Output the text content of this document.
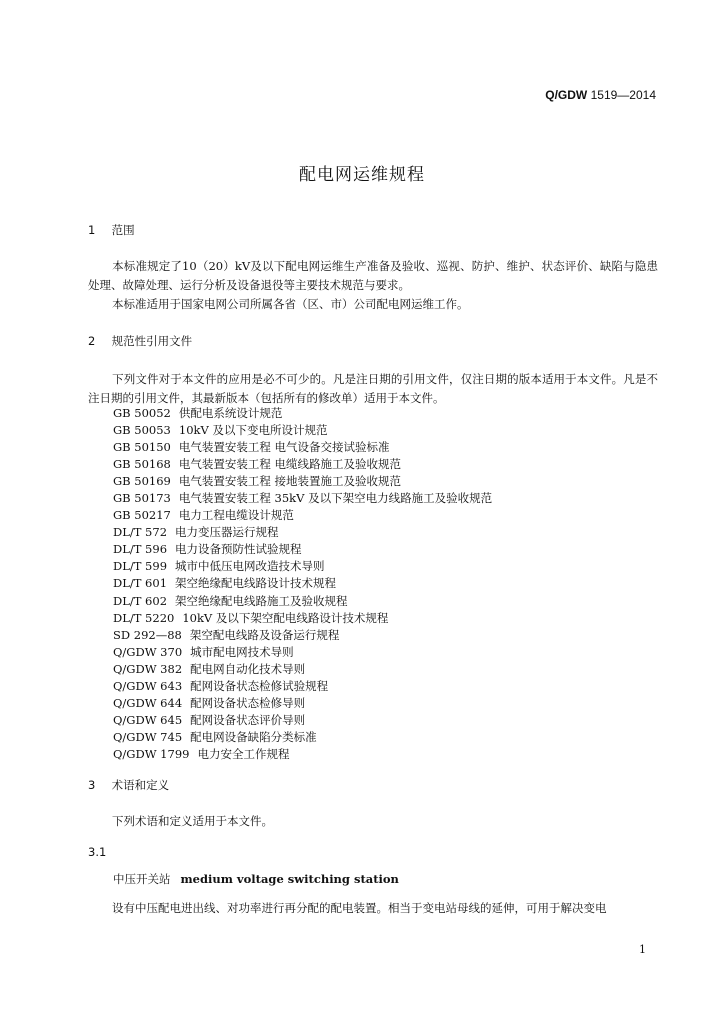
Q/GDW 1519—2014
配电网运维规程
1 范围
本标准规定了10（20）kV及以下配电网运维生产准备及验收、巡视、防护、维护、状态评价、缺陷与隐患处理、故障处理、运行分析及设备退役等主要技术规范与要求。
本标准适用于国家电网公司所属各省（区、市）公司配电网运维工作。
2 规范性引用文件
下列文件对于本文件的应用是必不可少的。凡是注日期的引用文件，仅注日期的版本适用于本文件。凡是不注日期的引用文件，其最新版本（包括所有的修改单）适用于本文件。
GB 50052 供配电系统设计规范
GB 50053 10kV 及以下变电所设计规范
GB 50150 电气装置安装工程 电气设备交接试验标准
GB 50168 电气装置安装工程 电缆线路施工及验收规范
GB 50169 电气装置安装工程 接地装置施工及验收规范
GB 50173 电气装置安装工程 35kV 及以下架空电力线路施工及验收规范
GB 50217 电力工程电缆设计规范
DL/T 572 电力变压器运行规程
DL/T 596 电力设备预防性试验规程
DL/T 599 城市中低压电网改造技术导则
DL/T 601 架空绝缘配电线路设计技术规程
DL/T 602 架空绝缘配电线路施工及验收规程
DL/T 5220 10kV 及以下架空配电线路设计技术规程
SD 292—88 架空配电线路及设备运行规程
Q/GDW 370 城市配电网技术导则
Q/GDW 382 配电网自动化技术导则
Q/GDW 643 配网设备状态检修试验规程
Q/GDW 644 配网设备状态检修导则
Q/GDW 645 配网设备状态评价导则
Q/GDW 745 配电网设备缺陷分类标准
Q/GDW 1799 电力安全工作规程
3 术语和定义
下列术语和定义适用于本文件。
3.1
中压开关站 medium voltage switching station
设有中压配电进出线、对功率进行再分配的配电装置。相当于变电站母线的延伸，可用于解决变电
1
